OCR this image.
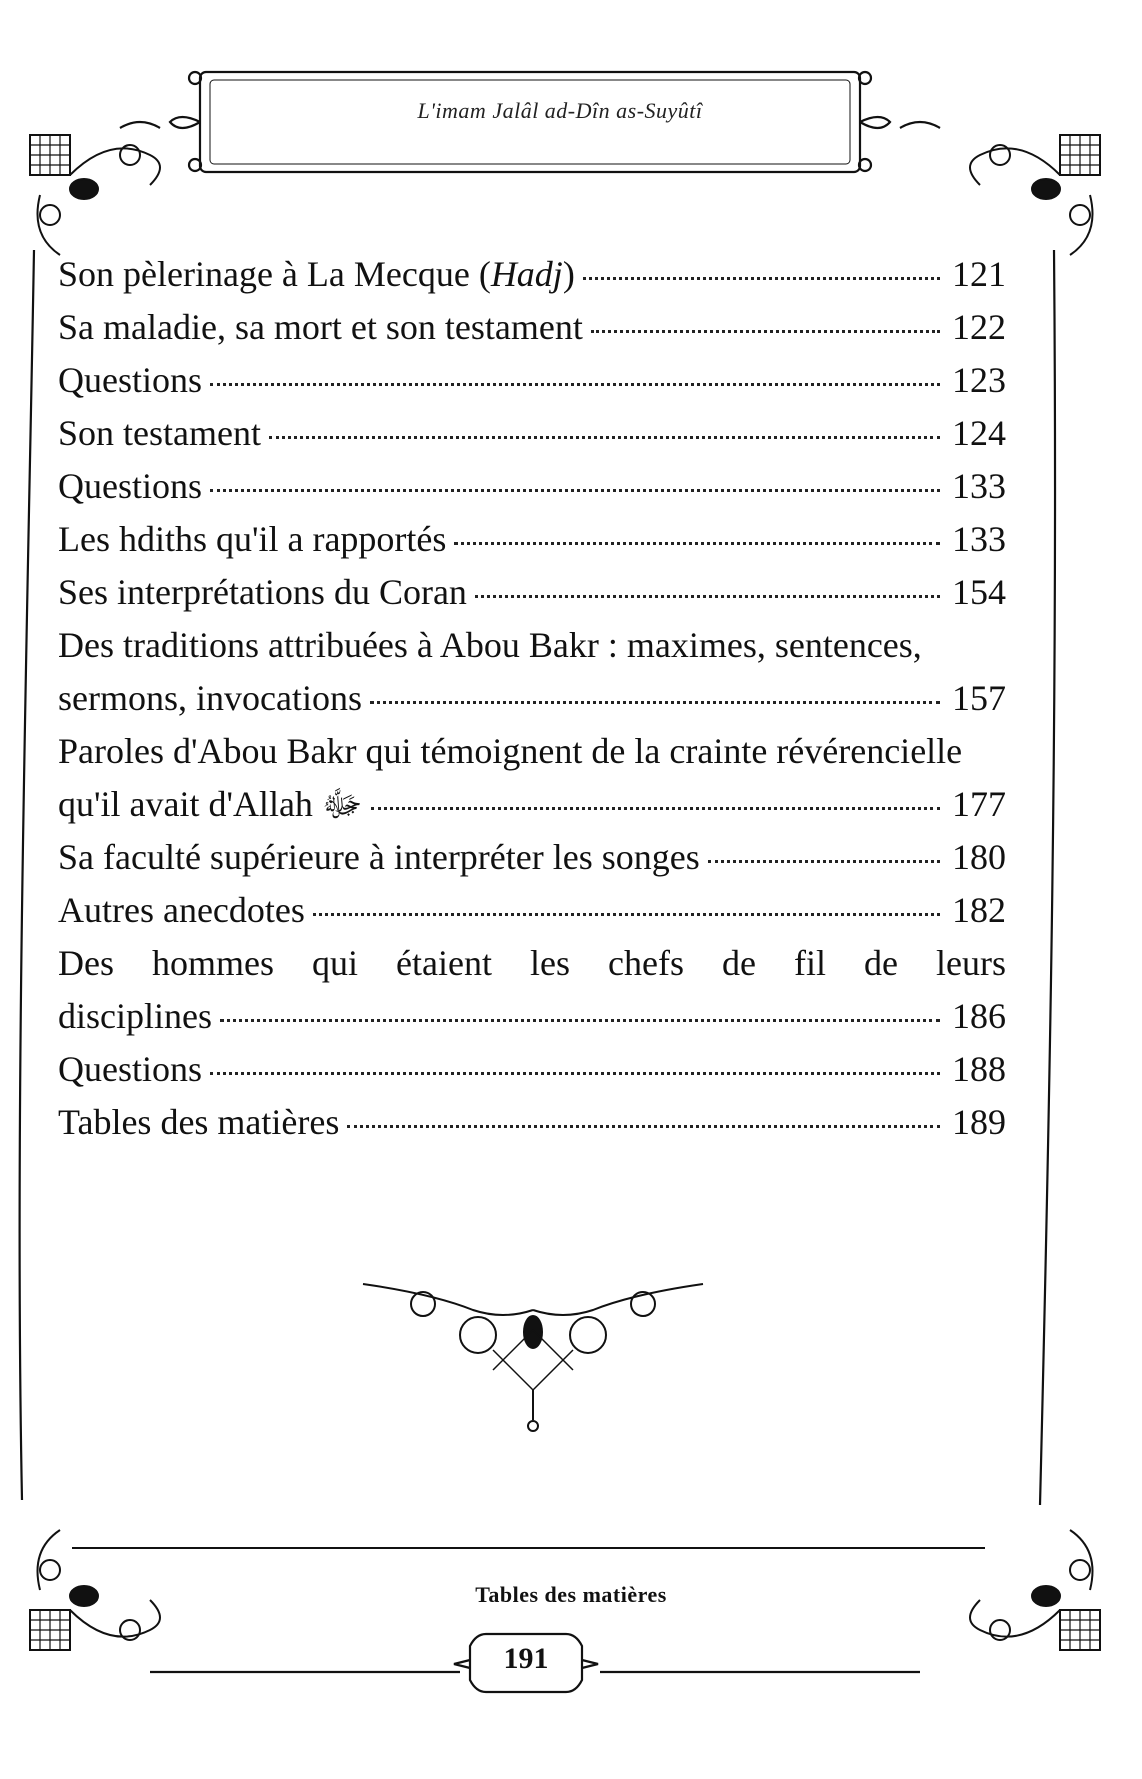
L'imam Jalâl ad-Dîn as-Suyûtî
Son pèlerinage à La Mecque (Hadj)	121
Sa maladie, sa mort et son testament	122
Questions	123
Son testament	124
Questions	133
Les hdiths qu'il a rapportés	133
Ses interprétations du Coran	154
Des traditions attribuées à Abou Bakr : maximes, sentences,
sermons, invocations	157
Paroles d'Abou Bakr qui témoignent de la crainte révérencielle
qu'il avait d'Allah ﷻ	177
Sa faculté supérieure à interpréter les songes	180
Autres anecdotes	182
Des hommes qui étaient les chefs de fil de leurs
disciplines	186
Questions	188
Tables des matières	189
Tables des matières
191
